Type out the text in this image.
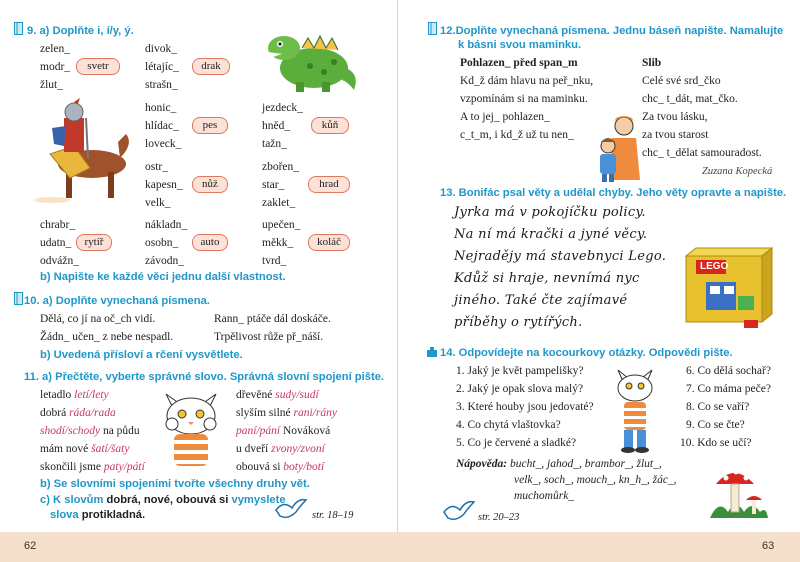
9. a) Doplňte i, í/y, ý.
zelen_
modr_
žlut_
svetr
divok_
létajíc_
strašn_
drak
honic_
hlídac_
loveck_
pes
jezdeck_
hněd_
tažn_
kůň
ostr_
kapesn_
velk_
nůž
zbořen_
star_
zaklet_
hrad
chrabr_
udatn_
odvážn_
rytíř
nákladn_
osobn_
závodn_
auto
upečen_
měkk_
tvrd_
koláč
b) Napište ke každé věci jednu další vlastnost.
10. a) Doplňte vynechaná písmena.
Dělá, co jí na oč_ch vidí.
Žádn_ učen_ z nebe nespadl.
Rann_ ptáče dál doskáče.
Trpělivost růže př_náší.
b) Uvedená přísloví a rčení vysvětlete.
11. a) Přečtěte, vyberte správné slovo. Správná slovní spojení pište.
letadlo letí/lety
dobrá ráda/rada
shodí/schody na půdu
mám nové šatí/šaty
skončili jsme paty/pátí
dřevěné sudy/sudí
slyším silné rani/rány
paní/pání Nováková
u dveří zvony/zvoní
obouvá si boty/botí
b) Se slovními spojeními tvořte všechny druhy vět.
c) K slovům dobrá, nové, obouvá si vymyslete
slova protikladná.	str. 18–19
12.Doplňte vynechaná písmena. Jednu báseň napište. Namalujte
k básni svou maminku.
Pohlazen_ před span_m
Kd_ž dám hlavu na peř_nku,
vzpomínám si na maminku.
A to jej_ pohlazen_
c_t_m, i kd_ž už tu nen_
Slib
Celé své srd_čko
chc_ t_dát, mat_čko.
Za tvou lásku,
za tvou starost
chc_ t_dělat samouradost.
Zuzana Kopecká
13. Bonifác psal věty a udělal chyby. Jeho věty opravte a napište.
Jyrka má v pokojíčku policy.
Na ní má krački a jyné věcy.
Nejradějy má stavebnyci Lego.
Kdůž si hraje, nevnímá nyc
jiného. Také čte zajímavé
příběhy o rytířých.
LEGO
14. Odpovídejte na kocourkovy otázky. Odpovědi pište.
1. Jaký je květ pampelišky?
2. Jaký je opak slova malý?
3. Které houby jsou jedovaté?
4. Co chytá vlaštovka?
5. Co je červené a sladké?
6. Co dělá sochař?
7. Co máma peče?
8. Co se vaří?
9. Co se čte?
10. Kdo se učí?
Nápověda: bucht_, jahod_, brambor_, žlut_,
velk_, soch_, mouch_, kn_h_, žác_,
muchomůrk_
str. 20–23
62	63
